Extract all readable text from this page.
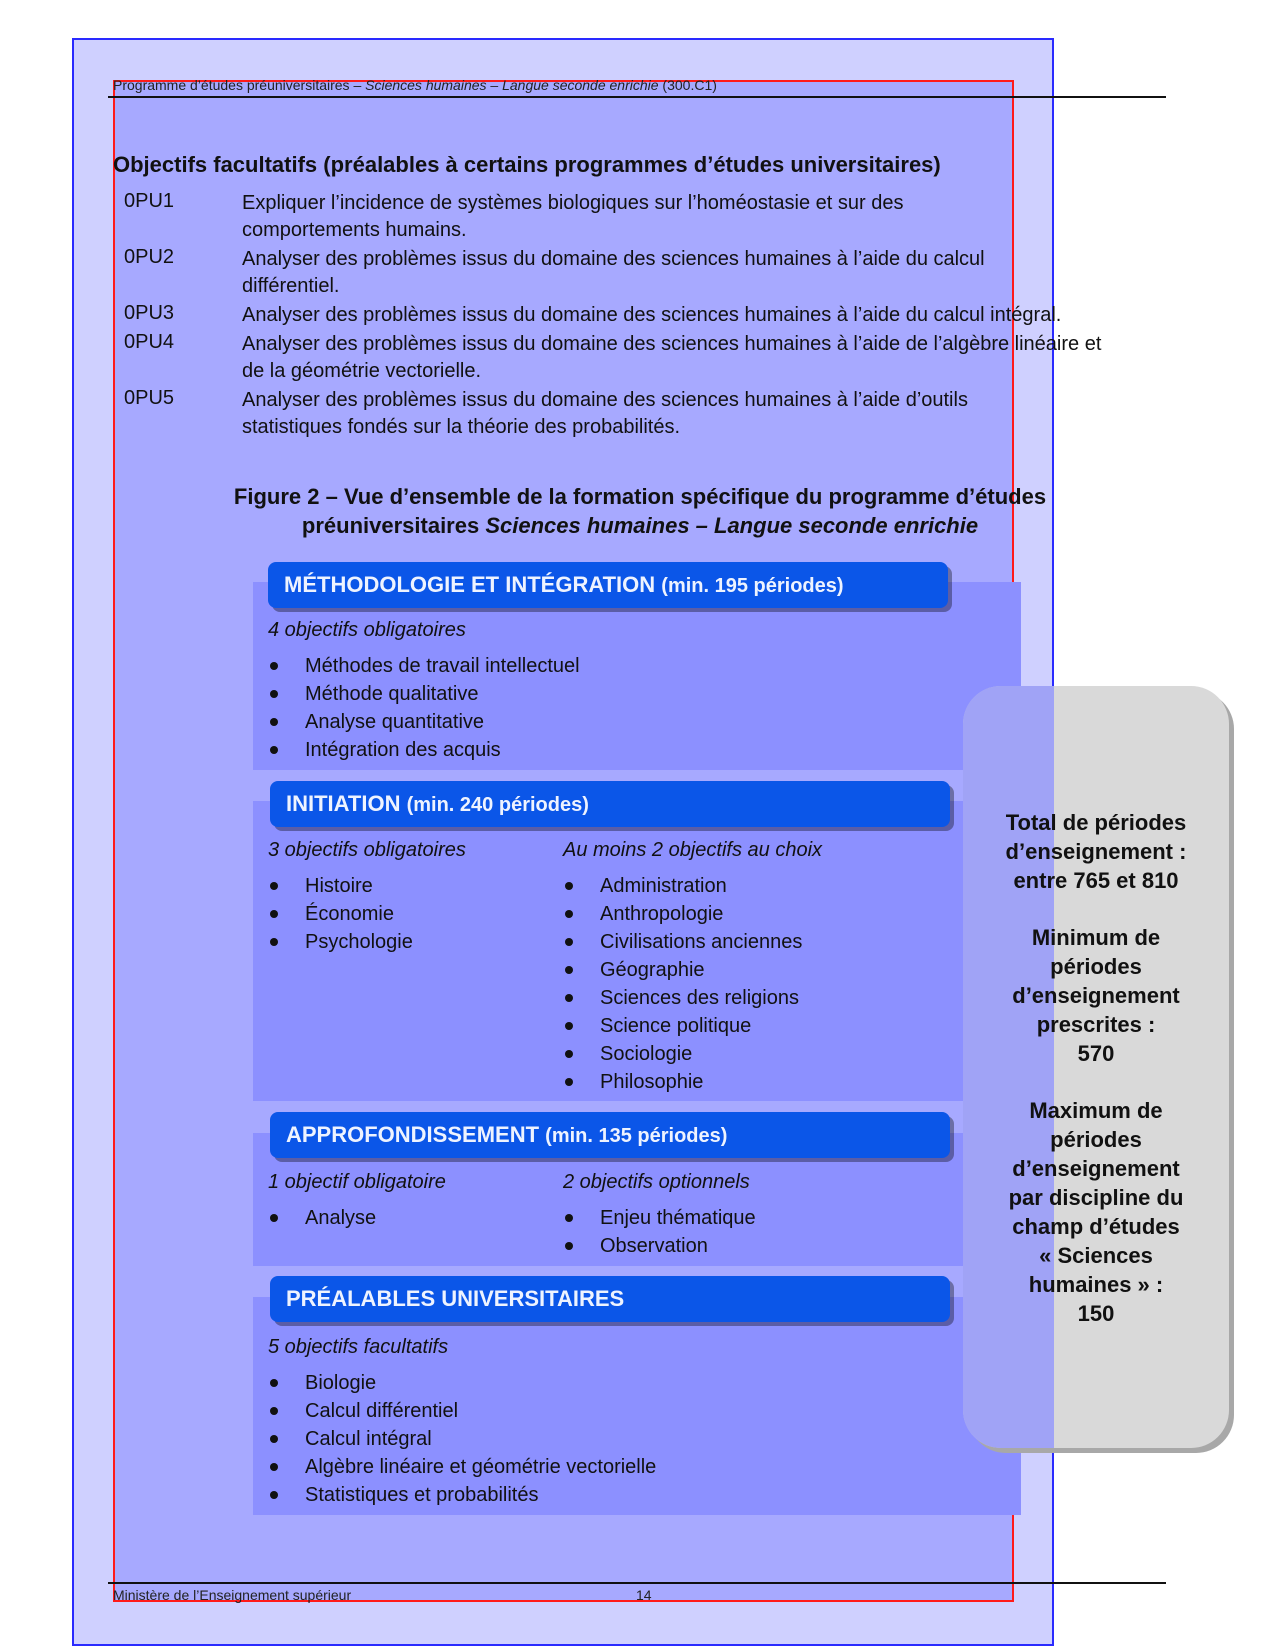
Programme d’études préuniversitaires – Sciences humaines – Langue seconde enrichie (300.C1)
Objectifs facultatifs (préalables à certains programmes d’études universitaires)
0PU1	Expliquer l’incidence de systèmes biologiques sur l’homéostasie et sur des comportements humains.
0PU2	Analyser des problèmes issus du domaine des sciences humaines à l’aide du calcul différentiel.
0PU3	Analyser des problèmes issus du domaine des sciences humaines à l’aide du calcul intégral.
0PU4	Analyser des problèmes issus du domaine des sciences humaines à l’aide de l’algèbre linéaire et de la géométrie vectorielle.
0PU5	Analyser des problèmes issus du domaine des sciences humaines à l’aide d’outils statistiques fondés sur la théorie des probabilités.
Figure 2 – Vue d’ensemble de la formation spécifique du programme d’études
préuniversitaires Sciences humaines – Langue seconde enrichie
Total de périodes
d’enseignement :
entre 765 et 810
Minimum de
périodes
d’enseignement
prescrites :
570
Maximum de
périodes
d’enseignement
par discipline du
champ d’études
« Sciences
humaines » :
150
MÉTHODOLOGIE ET INTÉGRATION (min. 195 périodes)
4 objectifs obligatoires
Méthodes de travail intellectuel
Méthode qualitative
Analyse quantitative
Intégration des acquis
INITIATION (min. 240 périodes)
3 objectifs obligatoires	Au moins 2 objectifs au choix
Histoire
Économie
Psychologie
Administration
Anthropologie
Civilisations anciennes
Géographie
Sciences des religions
Science politique
Sociologie
Philosophie
APPROFONDISSEMENT (min. 135 périodes)
1 objectif obligatoire	2 objectifs optionnels
Analyse	Enjeu thématique
Observation
PRÉALABLES UNIVERSITAIRES
5 objectifs facultatifs
Biologie
Calcul différentiel
Calcul intégral
Algèbre linéaire et géométrie vectorielle
Statistiques et probabilités
Ministère de l’Enseignement supérieur	14
